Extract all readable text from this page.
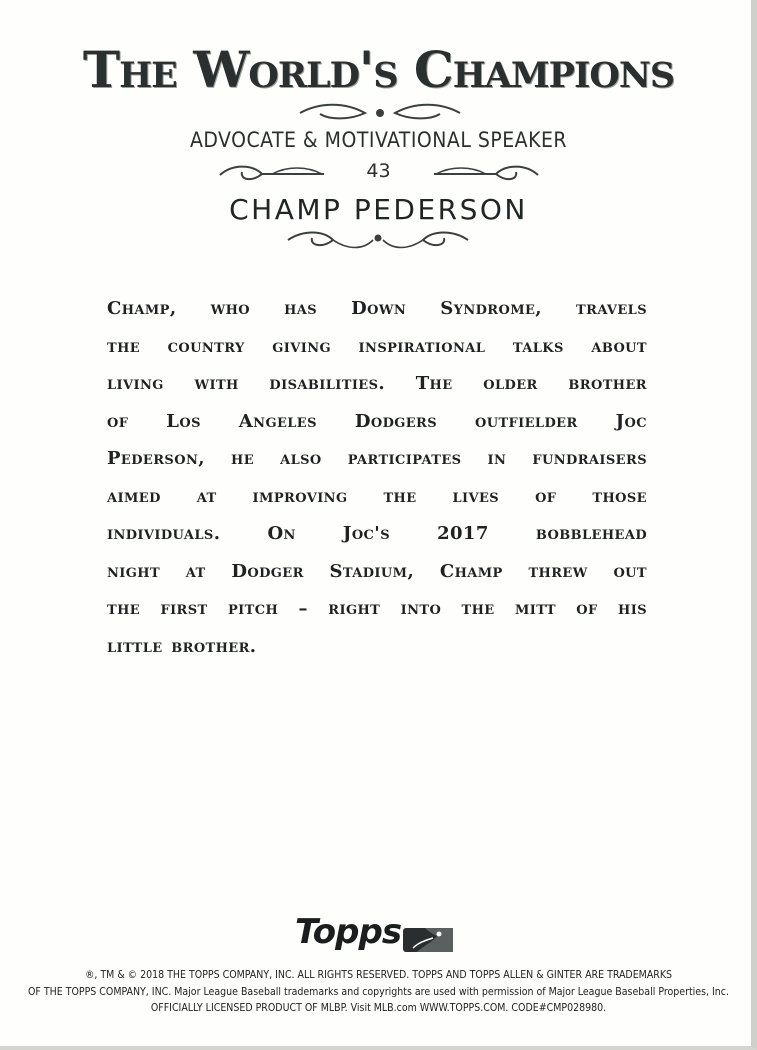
The World's Champions
ADVOCATE & MOTIVATIONAL SPEAKER
43
CHAMP PEDERSON
Champ, who has Down Syndrome, travels
the country giving inspirational talks about
living with disabilities. The older brother
of Los Angeles Dodgers outfielder Joc
Pederson, he also participates in fundraisers
aimed at improving the lives of those
individuals. On Joc's 2017 bobblehead
night at Dodger Stadium, Champ threw out
the first pitch – right into the mitt of his
little brother.
Topps
®, TM & © 2018 THE TOPPS COMPANY, INC. ALL RIGHTS RESERVED. TOPPS AND TOPPS ALLEN & GINTER ARE TRADEMARKS
OF THE TOPPS COMPANY, INC. Major League Baseball trademarks and copyrights are used with permission of Major League Baseball Properties, Inc.
OFFICIALLY LICENSED PRODUCT OF MLBP. Visit MLB.com WWW.TOPPS.COM. CODE#CMP028980.
